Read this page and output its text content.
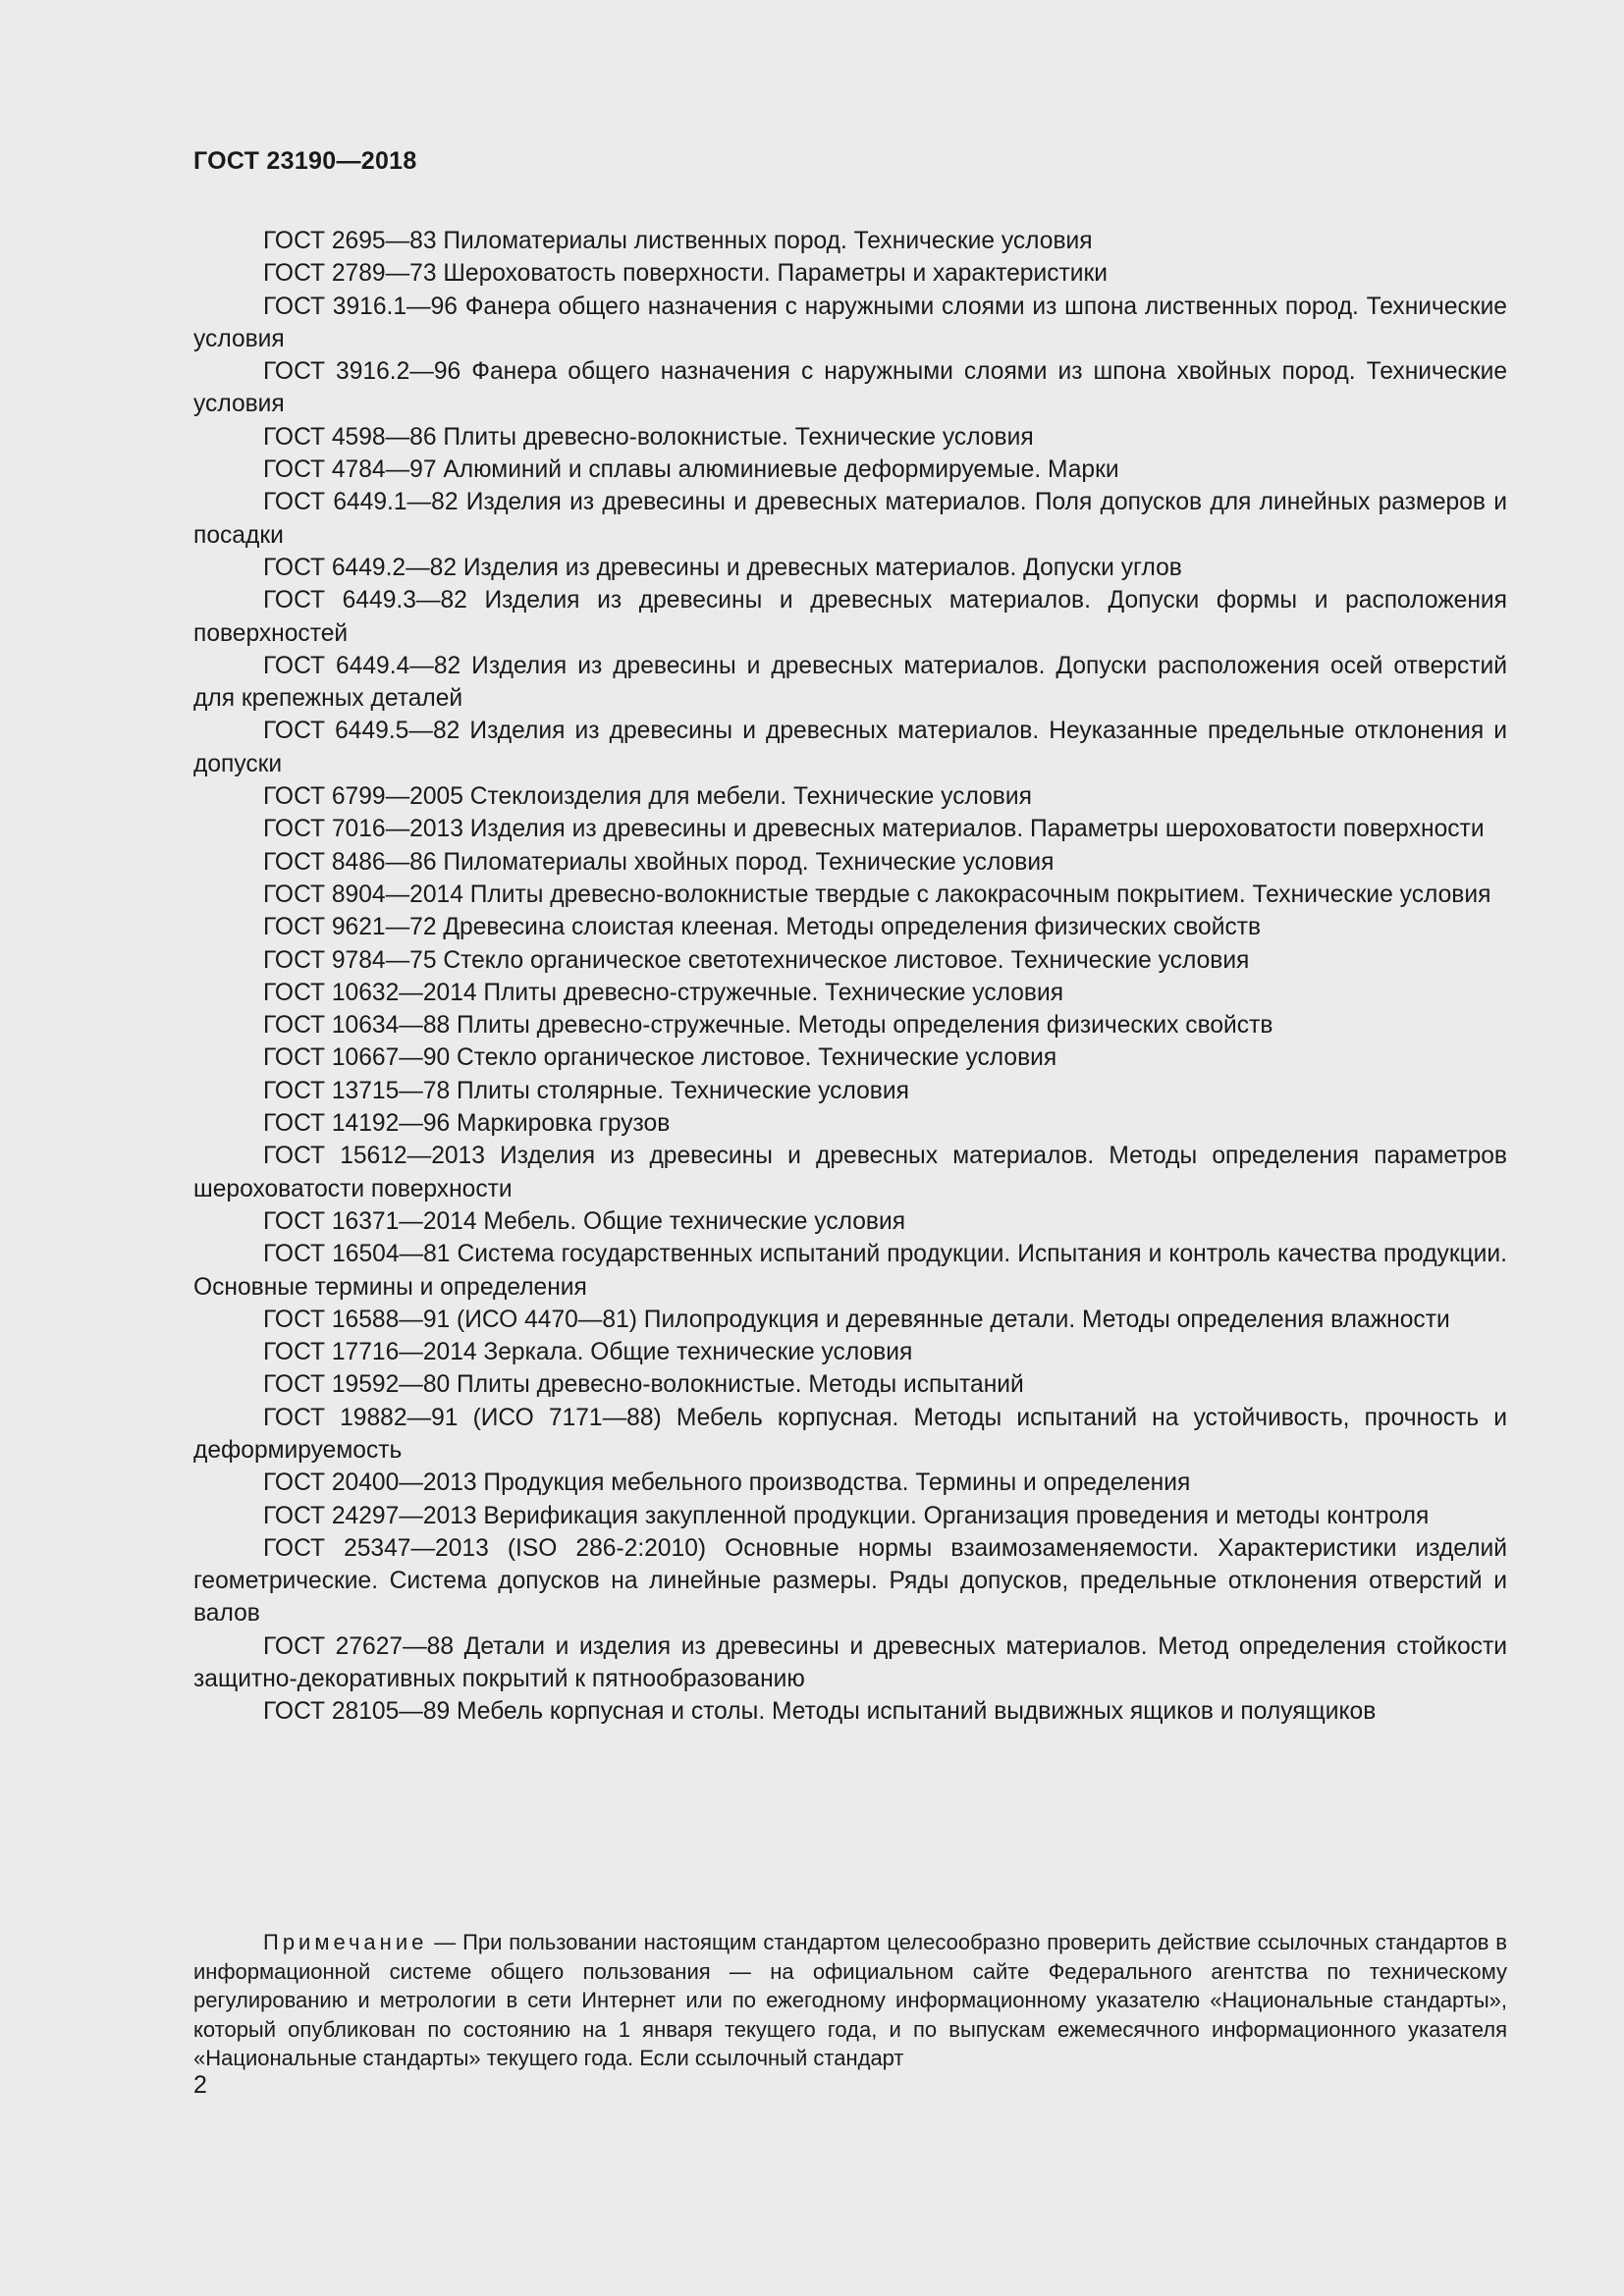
ГОСТ 23190—2018
ГОСТ 2695—83 Пиломатериалы лиственных пород. Технические условия
ГОСТ 2789—73 Шероховатость поверхности. Параметры и характеристики
ГОСТ 3916.1—96 Фанера общего назначения с наружными слоями из шпона лиственных пород. Технические условия
ГОСТ 3916.2—96 Фанера общего назначения с наружными слоями из шпона хвойных пород. Технические условия
ГОСТ 4598—86 Плиты древесно-волокнистые. Технические условия
ГОСТ 4784—97 Алюминий и сплавы алюминиевые деформируемые. Марки
ГОСТ 6449.1—82 Изделия из древесины и древесных материалов. Поля допусков для линейных размеров и посадки
ГОСТ 6449.2—82 Изделия из древесины и древесных материалов. Допуски углов
ГОСТ 6449.3—82 Изделия из древесины и древесных материалов. Допуски формы и расположения поверхностей
ГОСТ 6449.4—82 Изделия из древесины и древесных материалов. Допуски расположения осей отверстий для крепежных деталей
ГОСТ 6449.5—82 Изделия из древесины и древесных материалов. Неуказанные предельные отклонения и допуски
ГОСТ 6799—2005 Стеклоизделия для мебели. Технические условия
ГОСТ 7016—2013 Изделия из древесины и древесных материалов. Параметры шероховатости поверхности
ГОСТ 8486—86 Пиломатериалы хвойных пород. Технические условия
ГОСТ 8904—2014 Плиты древесно-волокнистые твердые с лакокрасочным покрытием. Технические условия
ГОСТ 9621—72 Древесина слоистая клееная. Методы определения физических свойств
ГОСТ 9784—75 Стекло органическое светотехническое листовое. Технические условия
ГОСТ 10632—2014 Плиты древесно-стружечные. Технические условия
ГОСТ 10634—88 Плиты древесно-стружечные. Методы определения физических свойств
ГОСТ 10667—90 Стекло органическое листовое. Технические условия
ГОСТ 13715—78 Плиты столярные. Технические условия
ГОСТ 14192—96 Маркировка грузов
ГОСТ 15612—2013 Изделия из древесины и древесных материалов. Методы определения параметров шероховатости поверхности
ГОСТ 16371—2014 Мебель. Общие технические условия
ГОСТ 16504—81 Система государственных испытаний продукции. Испытания и контроль качества продукции. Основные термины и определения
ГОСТ 16588—91 (ИСО 4470—81) Пилопродукция и деревянные детали. Методы определения влажности
ГОСТ 17716—2014 Зеркала. Общие технические условия
ГОСТ 19592—80 Плиты древесно-волокнистые. Методы испытаний
ГОСТ 19882—91 (ИСО 7171—88) Мебель корпусная. Методы испытаний на устойчивость, прочность и деформируемость
ГОСТ 20400—2013 Продукция мебельного производства. Термины и определения
ГОСТ 24297—2013 Верификация закупленной продукции. Организация проведения и методы контроля
ГОСТ 25347—2013 (ISO 286-2:2010) Основные нормы взаимозаменяемости. Характеристики изделий геометрические. Система допусков на линейные размеры. Ряды допусков, предельные отклонения отверстий и валов
ГОСТ 27627—88 Детали и изделия из древесины и древесных материалов. Метод определения стойкости защитно-декоративных покрытий к пятнообразованию
ГОСТ 28105—89 Мебель корпусная и столы. Методы испытаний выдвижных ящиков и полуящиков

Примечание — При пользовании настоящим стандартом целесообразно проверить действие ссылочных стандартов в информационной системе общего пользования — на официальном сайте Федерального агентства по техническому регулированию и метрологии в сети Интернет или по ежегодному информационному указателю «Национальные стандарты», который опубликован по состоянию на 1 января текущего года, и по выпускам ежемесячного информационного указателя «Национальные стандарты» текущего года. Если ссылочный стандарт

2
